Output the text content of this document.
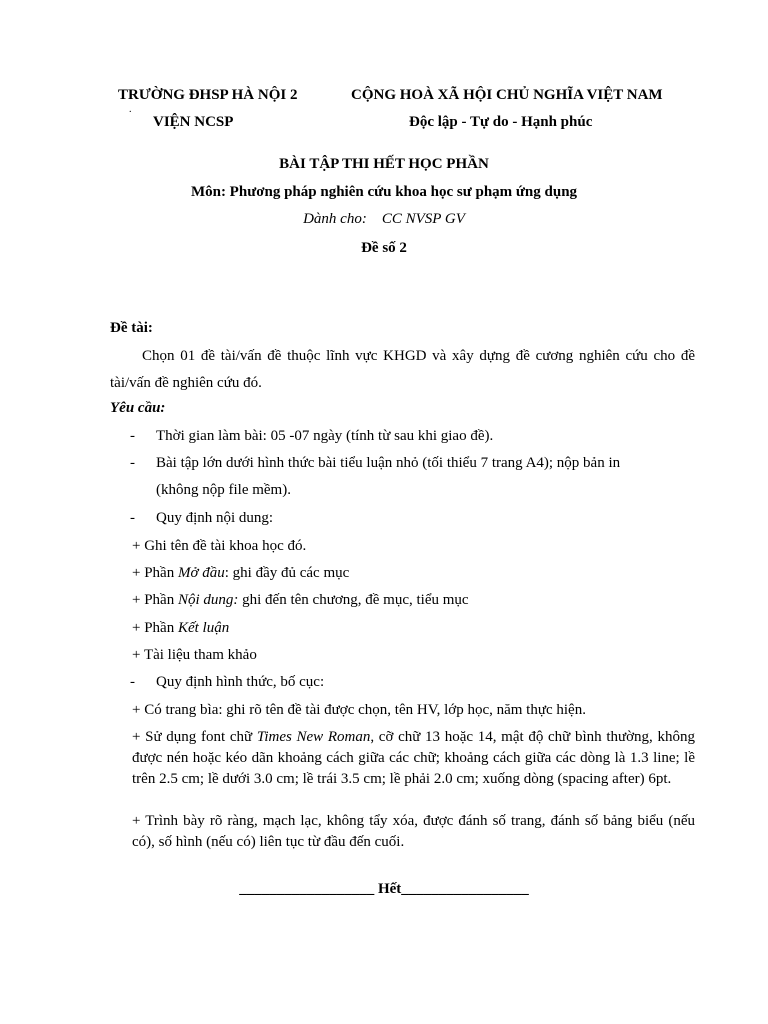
TRƯỜNG ĐHSP HÀ NỘI 2
.
VIỆN NCSP
CỘNG HOÀ XÃ HỘI CHỦ NGHĨA VIỆT NAM
Độc lập - Tự do - Hạnh phúc
BÀI TẬP THI HẾT HỌC PHẦN
Môn: Phương pháp nghiên cứu khoa học sư phạm ứng dụng
Dành cho: CC NVSP GV
Đề số 2
Đề tài:
Chọn 01 đề tài/vấn đề thuộc lĩnh vực KHGD và xây dựng đề cương nghiên cứu cho đề tài/vấn đề nghiên cứu đó.
Yêu cầu:
- Thời gian làm bài: 05 -07 ngày (tính từ sau khi giao đề).
- Bài tập lớn dưới hình thức bài tiểu luận nhỏ (tối thiểu 7 trang A4); nộp bản in
(không nộp file mềm).
- Quy định nội dung:
+ Ghi tên đề tài khoa học đó.
+ Phần Mở đầu: ghi đầy đủ các mục
+ Phần Nội dung: ghi đến tên chương, đề mục, tiểu mục
+ Phần Kết luận
+ Tài liệu tham khảo
- Quy định hình thức, bố cục:
+ Có trang bìa: ghi rõ tên đề tài được chọn, tên HV, lớp học, năm thực hiện.
+ Sử dụng font chữ Times New Roman, cỡ chữ 13 hoặc 14, mật độ chữ bình thường, không được nén hoặc kéo dãn khoảng cách giữa các chữ; khoảng cách giữa các dòng là 1.3 line; lề trên 2.5 cm; lề dưới 3.0 cm; lề trái 3.5 cm; lề phải 2.0 cm; xuống dòng (spacing after) 6pt.
+ Trình bày rõ ràng, mạch lạc, không tẩy xóa, được đánh số trang, đánh số bảng biểu (nếu có), số hình (nếu có) liên tục từ đầu đến cuối.
__________________ Hết_________________
